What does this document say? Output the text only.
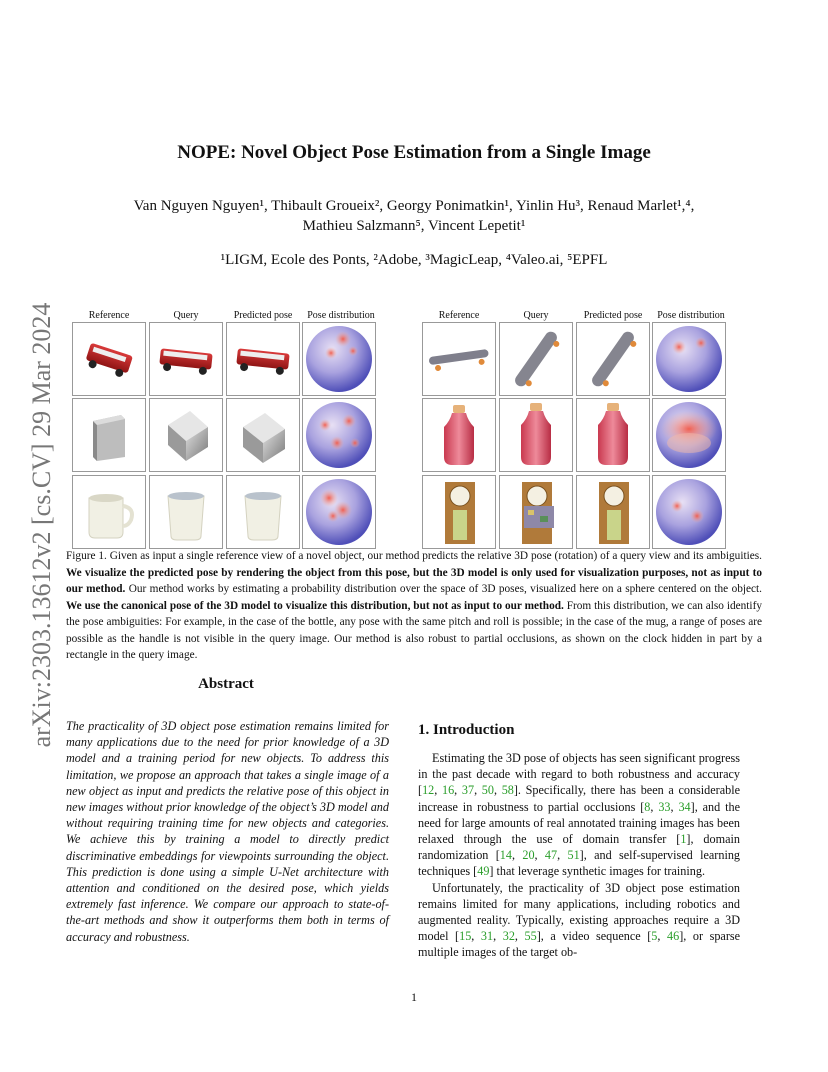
arXiv:2303.13612v2 [cs.CV] 29 Mar 2024
NOPE: Novel Object Pose Estimation from a Single Image
Van Nguyen Nguyen¹, Thibault Groueix², Georgy Ponimatkin¹, Yinlin Hu³, Renaud Marlet¹,⁴,
Mathieu Salzmann⁵, Vincent Lepetit¹
¹LIGM, Ecole des Ponts, ²Adobe, ³MagicLeap, ⁴Valeo.ai, ⁵EPFL
Reference	Query	Predicted pose	Pose distribution	Reference	Query	Predicted pose	Pose distribution
Figure 1. Given as input a single reference view of a novel object, our method predicts the relative 3D pose (rotation) of a query view and its ambiguities. We visualize the predicted pose by rendering the object from this pose, but the 3D model is only used for visualization purposes, not as input to our method. Our method works by estimating a probability distribution over the space of 3D poses, visualized here on a sphere centered on the object. We use the canonical pose of the 3D model to visualize this distribution, but not as input to our method. From this distribution, we can also identify the pose ambiguities: For example, in the case of the bottle, any pose with the same pitch and roll is possible; in the case of the mug, a range of poses are possible as the handle is not visible in the query image. Our method is also robust to partial occlusions, as shown on the clock hidden in part by a rectangle in the query image.
Abstract
The practicality of 3D object pose estimation remains limited for many applications due to the need for prior knowledge of a 3D model and a training period for new objects. To address this limitation, we propose an approach that takes a single image of a new object as input and predicts the relative pose of this object in new images without prior knowledge of the object’s 3D model and without requiring training time for new objects and categories. We achieve this by training a model to directly predict discriminative embeddings for viewpoints surrounding the object. This prediction is done using a simple U-Net architecture with attention and conditioned on the desired pose, which yields extremely fast inference. We compare our approach to state-of-the-art methods and show it outperforms them both in terms of accuracy and robustness.
1. Introduction

Estimating the 3D pose of objects has seen significant progress in the past decade with regard to both robustness and accuracy [12, 16, 37, 50, 58]. Specifically, there has been a considerable increase in robustness to partial occlusions [8, 33, 34], and the need for large amounts of real annotated training images has been relaxed through the use of domain transfer [1], domain randomization [14, 20, 47, 51], and self-supervised learning techniques [49] that leverage synthetic images for training.

Unfortunately, the practicality of 3D object pose estimation remains limited for many applications, including robotics and augmented reality. Typically, existing approaches require a 3D model [15, 31, 32, 55], a video sequence [5, 46], or sparse multiple images of the target ob-

1
